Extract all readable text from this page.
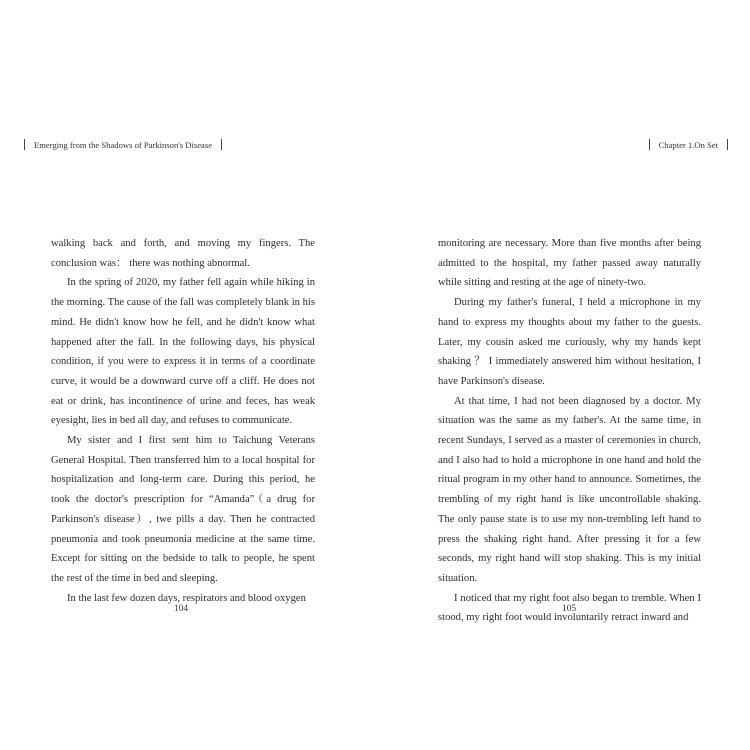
Emerging from the Shadows of Parkinson's Disease

walking back and forth, and moving my fingers. The conclusion was： there was nothing abnormal.

In the spring of 2020, my father fell again while hiking in the morning. The cause of the fall was completely blank in his mind. He didn't know how he fell, and he didn't know what happened after the fall. In the following days, his physical condition, if you were to express it in terms of a coordinate curve, it would be a downward curve off a cliff. He does not eat or drink, has incontinence of urine and feces, has weak eyesight, lies in bed all day, and refuses to communicate.

My sister and I first sent him to Taichung Veterans General Hospital. Then transferred him to a local hospital for hospitalization and long-term care. During this period, he took the doctor's prescription for “Amanda”（a drug for Parkinson's disease）, twe pills a day. Then he contracted pneumonia and took pneumonia medicine at the same time. Except for sitting on the bedside to talk to people, he spent the rest of the time in bed and sleeping.

In the last few dozen days, respirators and blood oxygen

104
Chapter 1.On Set

monitoring are necessary. More than five months after being admitted to the hospital, my father passed away naturally while sitting and resting at the age of ninety-two.

During my father's funeral, I held a microphone in my hand to express my thoughts about my father to the guests. Later, my cousin asked me curiously, why my hands kept shaking ？ I immediately answered him without hesitation, I have Parkinson's disease.

At that time, I had not been diagnosed by a doctor. My situation was the same as my father's. At the same time, in recent Sundays, I served as a master of ceremonies in church, and I also had to hold a microphone in one hand and hold the ritual program in my other hand to announce. Sometimes, the trembling of my right hand is like uncontrollable shaking. The only pause state is to use my non-trembling left hand to press the shaking right hand. After pressing it for a few seconds, my right hand will stop shaking. This is my initial situation.

I noticed that my right foot also began to tremble. When I stood, my right foot would involuntarily retract inward and

105
